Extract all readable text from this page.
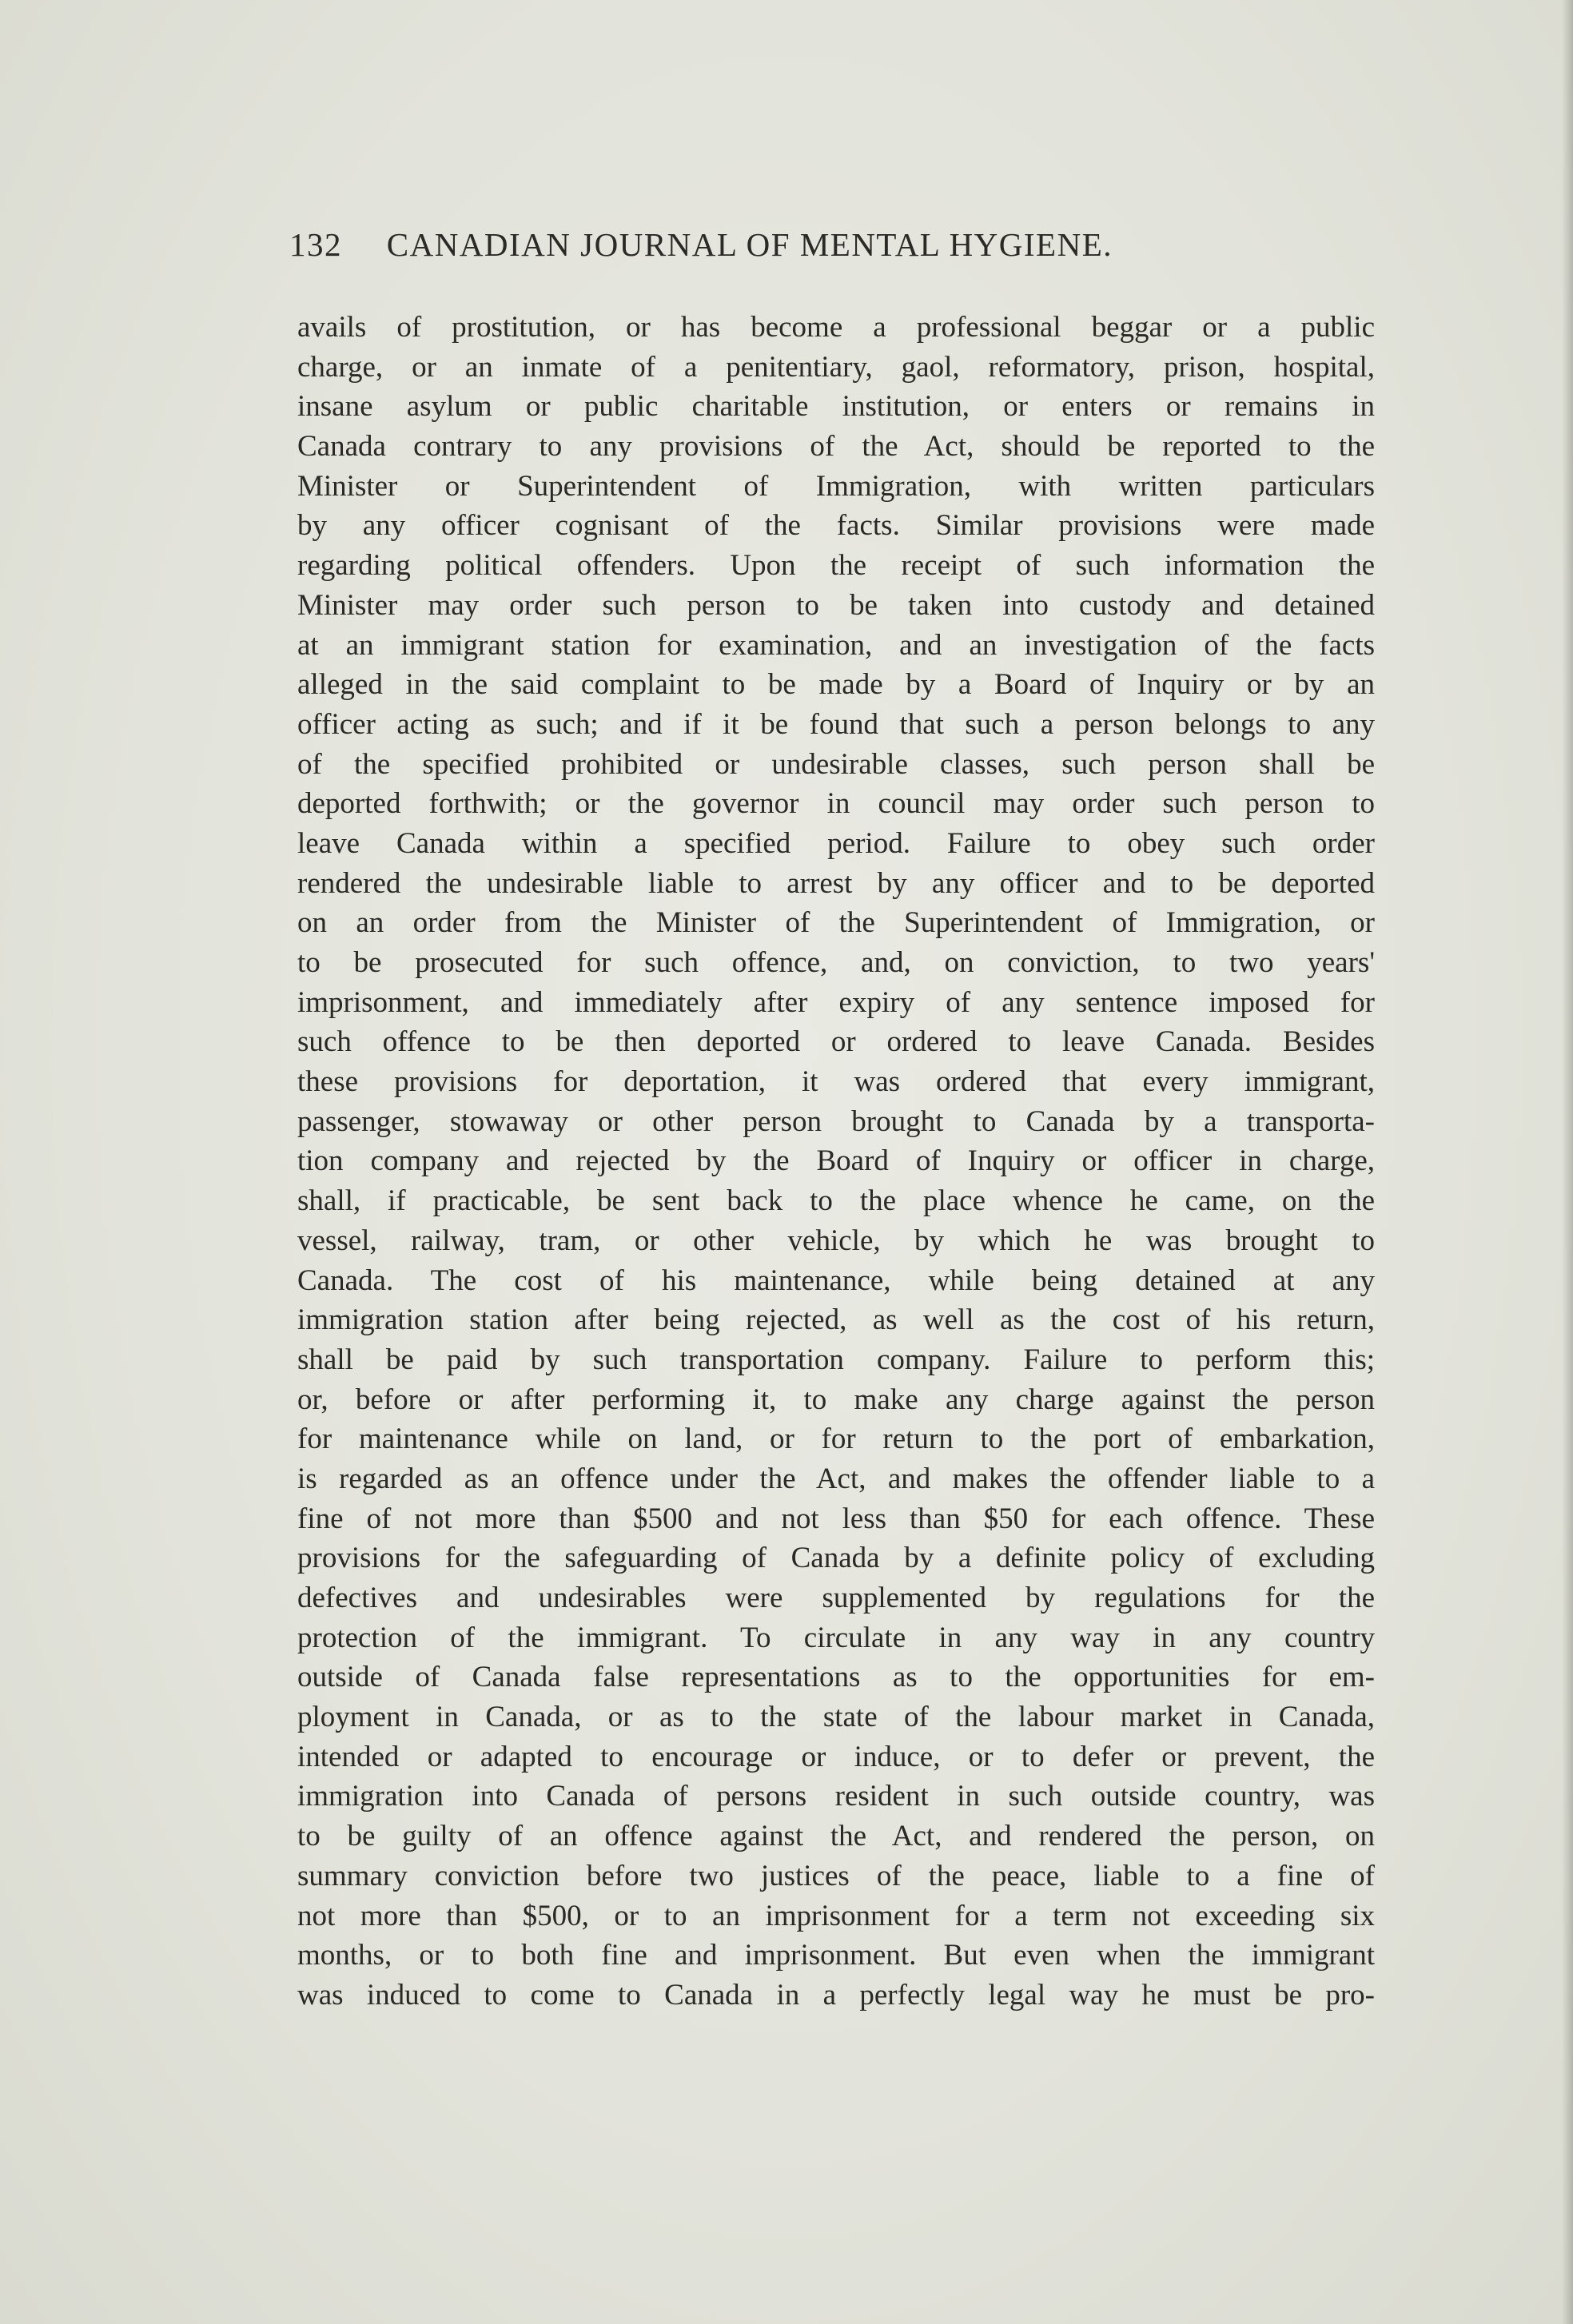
132 CANADIAN JOURNAL OF MENTAL HYGIENE.
avails of prostitution, or has become a professional beggar or a public
charge, or an inmate of a penitentiary, gaol, reformatory, prison, hospital,
insane asylum or public charitable institution, or enters or remains in
Canada contrary to any provisions of the Act, should be reported to the
Minister or Superintendent of Immigration, with written particulars
by any officer cognisant of the facts. Similar provisions were made
regarding political offenders. Upon the receipt of such information the
Minister may order such person to be taken into custody and detained
at an immigrant station for examination, and an investigation of the facts
alleged in the said complaint to be made by a Board of Inquiry or by an
officer acting as such; and if it be found that such a person belongs to any
of the specified prohibited or undesirable classes, such person shall be
deported forthwith; or the governor in council may order such person to
leave Canada within a specified period. Failure to obey such order
rendered the undesirable liable to arrest by any officer and to be deported
on an order from the Minister of the Superintendent of Immigration, or
to be prosecuted for such offence, and, on conviction, to two years'
imprisonment, and immediately after expiry of any sentence imposed for
such offence to be then deported or ordered to leave Canada. Besides
these provisions for deportation, it was ordered that every immigrant,
passenger, stowaway or other person brought to Canada by a transporta-
tion company and rejected by the Board of Inquiry or officer in charge,
shall, if practicable, be sent back to the place whence he came, on the
vessel, railway, tram, or other vehicle, by which he was brought to
Canada. The cost of his maintenance, while being detained at any
immigration station after being rejected, as well as the cost of his return,
shall be paid by such transportation company. Failure to perform this;
or, before or after performing it, to make any charge against the person
for maintenance while on land, or for return to the port of embarkation,
is regarded as an offence under the Act, and makes the offender liable to a
fine of not more than $500 and not less than $50 for each offence. These
provisions for the safeguarding of Canada by a definite policy of excluding
defectives and undesirables were supplemented by regulations for the
protection of the immigrant. To circulate in any way in any country
outside of Canada false representations as to the opportunities for em-
ployment in Canada, or as to the state of the labour market in Canada,
intended or adapted to encourage or induce, or to defer or prevent, the
immigration into Canada of persons resident in such outside country, was
to be guilty of an offence against the Act, and rendered the person, on
summary conviction before two justices of the peace, liable to a fine of
not more than $500, or to an imprisonment for a term not exceeding six
months, or to both fine and imprisonment. But even when the immigrant
was induced to come to Canada in a perfectly legal way he must be pro-
